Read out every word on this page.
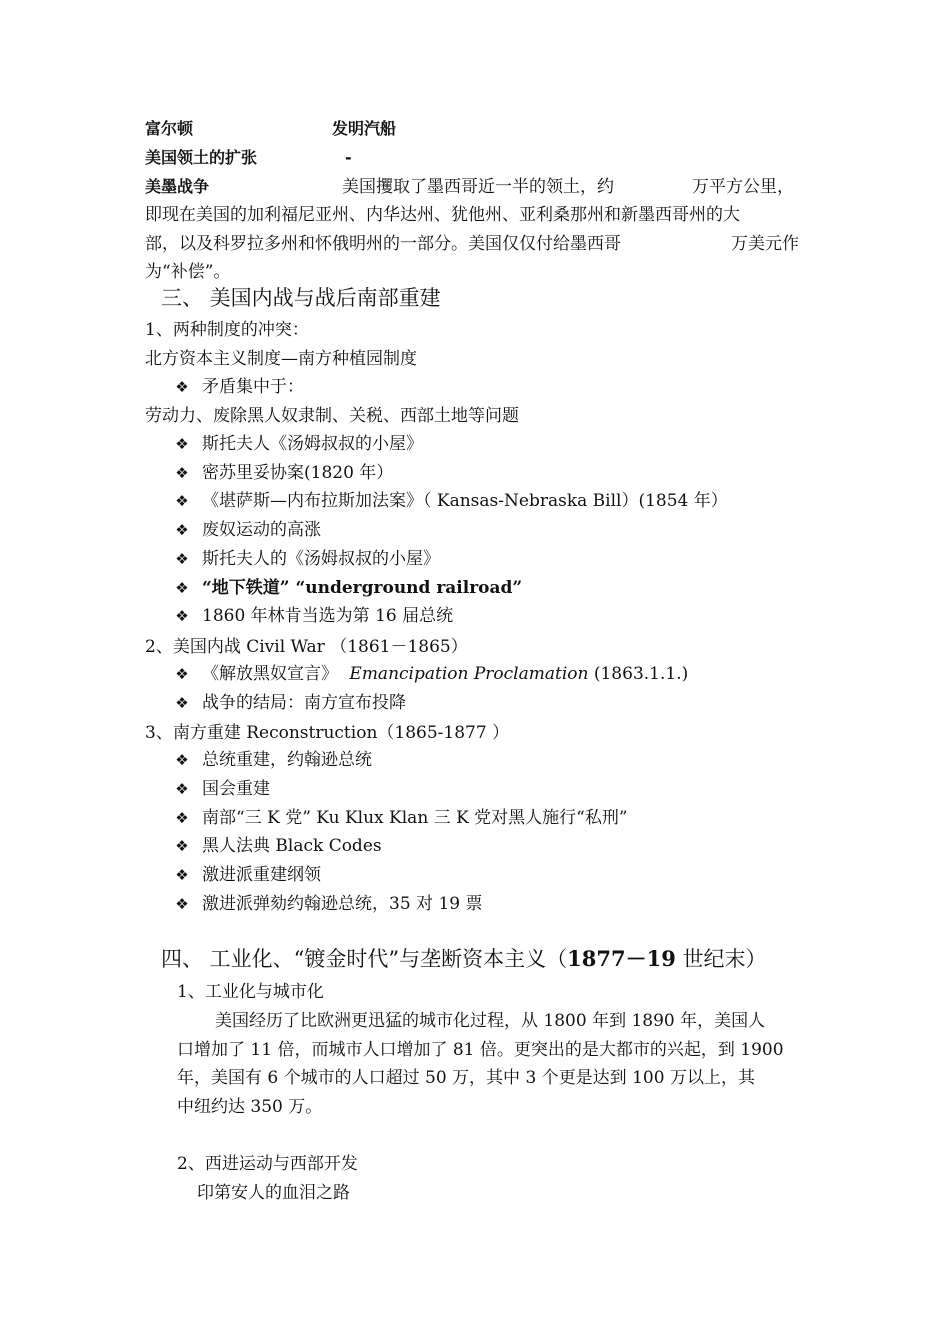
富尔顿	发明汽船
美国领土的扩张	-
美墨战争	美国攫取了墨西哥近一半的领土，约	万平方公里，
即现在美国的加利福尼亚州、内华达州、犹他州、亚利桑那州和新墨西哥州的大
部，以及科罗拉多州和怀俄明州的一部分。美国仅仅付给墨西哥	万美元作
为“补偿”。
三、 美国内战与战后南部重建
1、两种制度的冲突：
北方资本主义制度—南方种植园制度
❖ 矛盾集中于：
劳动力、废除黑人奴隶制、关税、西部土地等问题
❖ 斯托夫人《汤姆叔叔的小屋》
❖ 密苏里妥协案(1820 年）
❖ 《堪萨斯—内布拉斯加法案》（ Kansas-Nebraska Bill）(1854 年）
❖ 废奴运动的高涨
❖ 斯托夫人的《汤姆叔叔的小屋》
❖ “地下铁道” “underground railroad”
❖ 1860 年林肯当选为第 16 届总统
2、美国内战 Civil War （1861－1865）
❖ 《解放黑奴宣言》 Emancipation Proclamation (1863.1.1.)
❖ 战争的结局：南方宣布投降
3、南方重建 Reconstruction（1865-1877 ）
❖ 总统重建，约翰逊总统
❖ 国会重建
❖ 南部“三 K 党” Ku Klux Klan 三 K 党对黑人施行“私刑”
❖ 黑人法典 Black Codes
❖ 激进派重建纲领
❖ 激进派弹劾约翰逊总统，35 对 19 票
四、 工业化、“镀金时代”与垄断资本主义（1877－19 世纪末）
1、工业化与城市化
美国经历了比欧洲更迅猛的城市化过程，从 1800 年到 1890 年，美国人
口增加了 11 倍，而城市人口增加了 81 倍。更突出的是大都市的兴起，到 1900
年，美国有 6 个城市的人口超过 50 万，其中 3 个更是达到 100 万以上，其
中纽约达 350 万。
2、西进运动与西部开发
印第安人的血泪之路
